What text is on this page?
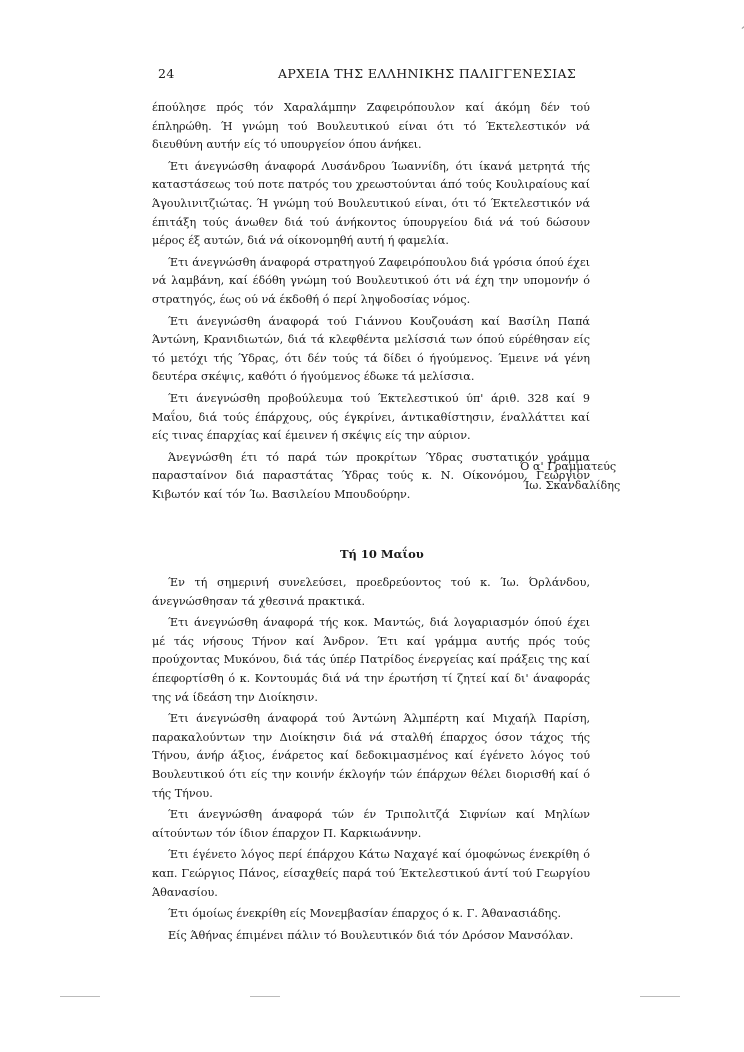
24	ΑΡΧΕΙΑ ΤΗΣ ΕΛΛΗΝΙΚΗΣ ΠΑΛΙΓΓΕΝΕΣΙΑΣ

έπούλησε πρός τόν Χαραλάμπην Ζαφειρόπουλον καί άκόμη δέν τού έπληρώθη. Ή γνώμη τού Βουλευτικού είναι ότι τό Έκτελεστικόν νά διευθύνη αυτήν είς τό υπουργείον όπου άνήκει.

Έτι άνεγνώσθη άναφορά Λυσάνδρου Ίωαννίδη, ότι ίκανά μετρητά τής καταστάσεως τού ποτε πατρός του χρεωστούνται άπό τούς Κουλιραίους καί Άγουλινιτζιώτας. Ή γνώμη τού Βουλευτικού είναι, ότι τό Έκτελεστικόν νά έπιτάξη τούς άνωθεν διά τού άνήκοντος ύπουργείου διά νά τού δώσουν μέρος έξ αυτών, διά νά οίκονομηθή αυτή ή φαμελία.

Έτι άνεγνώσθη άναφορά στρατηγού Ζαφειρόπουλου διά γρόσια όπού έχει νά λαμβάνη, καί έδόθη γνώμη τού Βουλευτικού ότι νά έχη την υπομονήν ό στρατηγός, έως ού νά έκδοθή ό περί ληψοδοσίας νόμος.

Έτι άνεγνώσθη άναφορά τού Γιάννου Κουζουάση καί Βασίλη Παπά Άντώνη, Κρανιδιωτών, διά τά κλεφθέντα μελίσσιά των όπού εύρέθησαν είς τό μετόχι τής Ύδρας, ότι δέν τούς τά δίδει ό ήγούμενος. Έμεινε νά γένη δευτέρα σκέψις, καθότι ό ήγούμενος έδωκε τά μελίσσια.

Έτι άνεγνώσθη προβούλευμα τού Έκτελεστικού ύπ' άριθ. 328 καί 9 Μαΐου, διά τούς έπάρχους, ούς έγκρίνει, άντικαθίστησιν, έναλλάττει καί είς τινας έπαρχίας καί έμεινεν ή σκέψις είς την αύριον.

Άνεγνώσθη έτι τό παρά τών προκρίτων Ύδρας συστατικόν γράμμα παρασταίνον διά παραστάτας Ύδρας τούς κ. Ν. Οίκονόμου, Γεώργιον Κιβωτόν καί τόν Ίω. Βασιλείου Μπουδούρην.

Ό α' Γραμματεύς
Ίω. Σκανδαλίδης
Τή 10 Μαΐου

Έν τή σημερινή συνελεύσει, προεδρεύοντος τού κ. Ίω. Όρλάνδου, άνεγνώσθησαν τά χθεσινά πρακτικά.

Έτι άνεγνώσθη άναφορά τής κοκ. Μαντώς, διά λογαριασμόν όπού έχει μέ τάς νήσους Τήνον καί Άνδρον. Έτι καί γράμμα αυτής πρός τούς προύχοντας Μυκόνου, διά τάς ύπέρ Πατρίδος ένεργείας καί πράξεις της καί έπεφορτίσθη ό κ. Κοντουμάς διά νά την έρωτήση τί ζητεί καί δι' άναφοράς της νά ίδεάση την Διοίκησιν.

Έτι άνεγνώσθη άναφορά τού Άντώνη Άλμπέρτη καί Μιχαήλ Παρίση, παρακαλούντων την Διοίκησιν διά νά σταλθή έπαρχος όσον τάχος τής Τήνου, άνήρ άξιος, ένάρετος καί δεδοκιμασμένος καί έγένετο λόγος τού Βουλευτικού ότι είς την κοινήν έκλογήν τών έπάρχων θέλει διορισθή καί ό τής Τήνου.

Έτι άνεγνώσθη άναφορά τών έν Τριπολιτζά Σιφνίων καί Μηλίων αίτούντων τόν ίδιον έπαρχον Π. Καρκιωάννην.

Έτι έγένετο λόγος περί έπάρχου Κάτω Ναχαγέ καί όμοφώνως ένεκρίθη ό καπ. Γεώργιος Πάνος, είσαχθείς παρά τού Έκτελεστικού άντί τού Γεωργίου Άθανασίου.

Έτι όμοίως ένεκρίθη είς Μονεμβασίαν έπαρχος ό κ. Γ. Άθανασιάδης.

Είς Άθήνας έπιμένει πάλιν τό Βουλευτικόν διά τόν Δρόσον Μανσόλαν.
